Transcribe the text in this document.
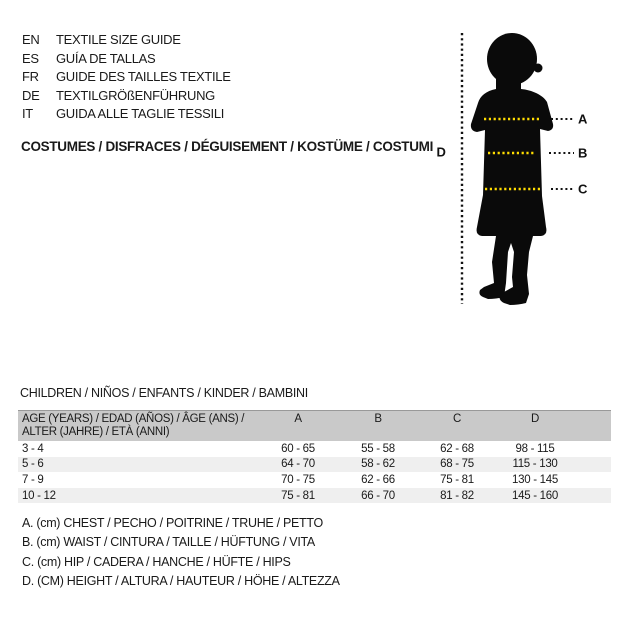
EN	TEXTILE SIZE GUIDE
ES	GUÍA DE TALLAS
FR	GUIDE DES TAILLES TEXTILE
DE	TEXTILGRÖßENFÜHRUNG
IT	GUIDA ALLE TAGLIE TESSILI
COSTUMES / DISFRACES / DÉGUISEMENT / KOSTÜME / COSTUMI
A
B
C
D
CHILDREN / NIÑOS / ENFANTS / KINDER / BAMBINI
AGE (YEARS) / EDAD (AÑOS) / ÂGE (ANS) /
ALTER (JAHRE) / ETÀ (ANNI)	A	B	C	D	
3 - 4	60 - 65	55 - 58	62 - 68	98 - 115	
5 - 6	64 - 70	58 - 62	68 - 75	115 - 130	
7 - 9	70 - 75	62 - 66	75 - 81	130 - 145	
10 - 12	75 - 81	66 - 70	81 - 82	145 - 160	
A. (cm) CHEST / PECHO / POITRINE / TRUHE / PETTO
B. (cm) WAIST / CINTURA / TAILLE / HÜFTUNG / VITA
C. (cm) HIP / CADERA / HANCHE / HÜFTE / HIPS
D. (CM) HEIGHT / ALTURA / HAUTEUR / HÖHE / ALTEZZA
